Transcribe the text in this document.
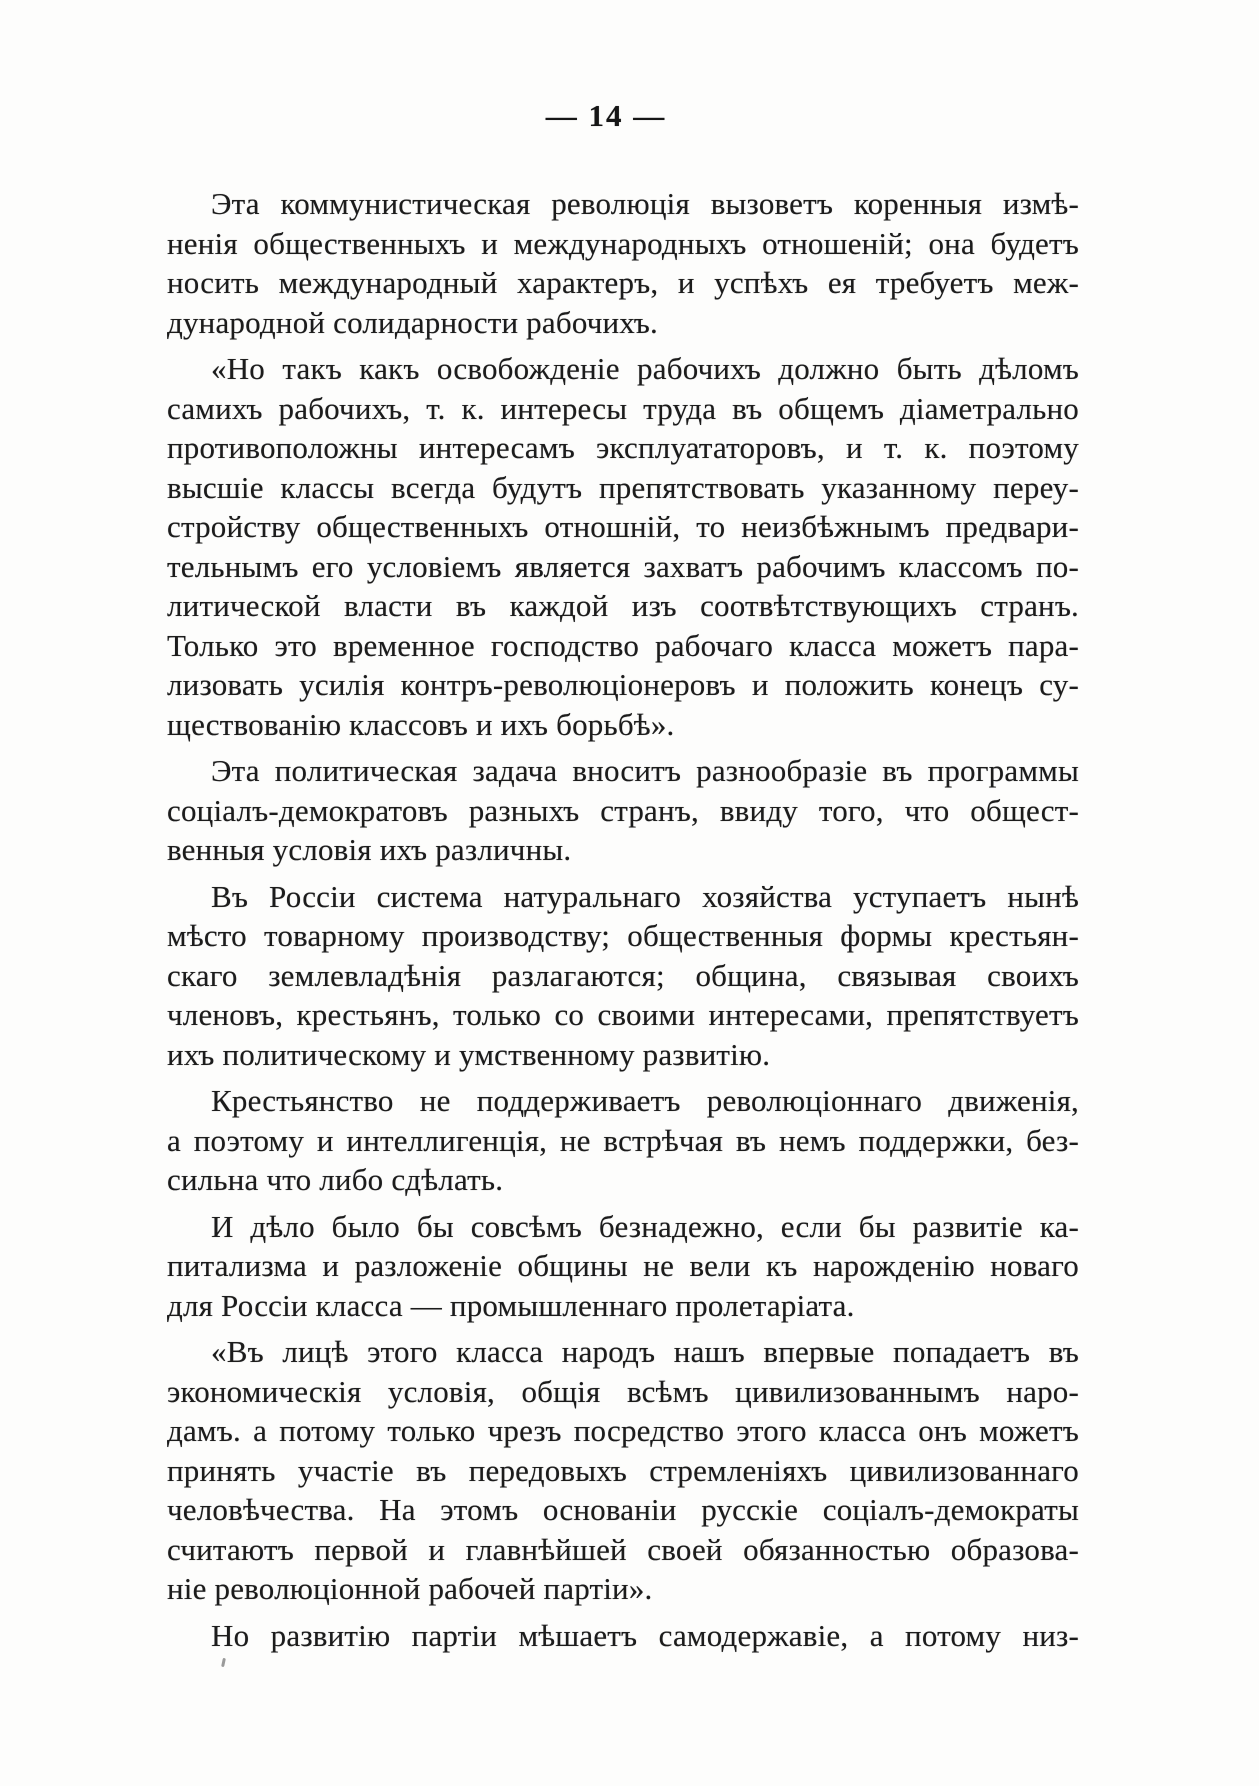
— 14 —

Эта коммунистическая революція вызоветъ коренныя измѣ-
ненія общественныхъ и международныхъ отношеній; она будетъ
носить международный характеръ, и успѣхъ ея требуетъ меж-
дународной солидарности рабочихъ.

«Но такъ какъ освобожденіе рабочихъ должно быть дѣломъ
самихъ рабочихъ, т. к. интересы труда въ общемъ діаметрально
противоположны интересамъ эксплуататоровъ, и т. к. поэтому
высшіе классы всегда будутъ препятствовать указанному переу-
стройству общественныхъ отношній, то неизбѣжнымъ предвари-
тельнымъ его условіемъ является захватъ рабочимъ классомъ по-
литической власти въ каждой изъ соотвѣтствующихъ странъ.
Только это временное господство рабочаго класса можетъ пара-
лизовать усилія контръ-революціонеровъ и положить конецъ су-
ществованію классовъ и ихъ борьбѣ».

Эта политическая задача вноситъ разнообразіе въ программы
соціалъ-демократовъ разныхъ странъ, ввиду того, что общест-
венныя условія ихъ различны.

Въ Россіи система натуральнаго хозяйства уступаетъ нынѣ
мѣсто товарному производству; общественныя формы крестьян-
скаго землевладѣнія разлагаются; община, связывая своихъ
членовъ, крестьянъ, только со своими интересами, препятствуетъ
ихъ политическому и умственному развитію.

Крестьянство не поддерживаетъ революціоннаго движенія,
а поэтому и интеллигенція, не встрѣчая въ немъ поддержки, без-
сильна что либо сдѣлать.

И дѣло было бы совсѣмъ безнадежно, если бы развитіе ка-
питализма и разложеніе общины не вели къ нарожденію новаго
для Россіи класса — промышленнаго пролетаріата.

«Въ лицѣ этого класса народъ нашъ впервые попадаетъ въ
экономическія условія, общія всѣмъ цивилизованнымъ наро-
дамъ. а потому только чрезъ посредство этого класса онъ можетъ
принять участіе въ передовыхъ стремленіяхъ цивилизованнаго
человѣчества. На этомъ основаніи русскіе соціалъ-демократы
считаютъ первой и главнѣйшей своей обязанностью образова-
ніе революціонной рабочей партіи».

Но развитію партіи мѣшаетъ самодержавіе, а потому низ-
